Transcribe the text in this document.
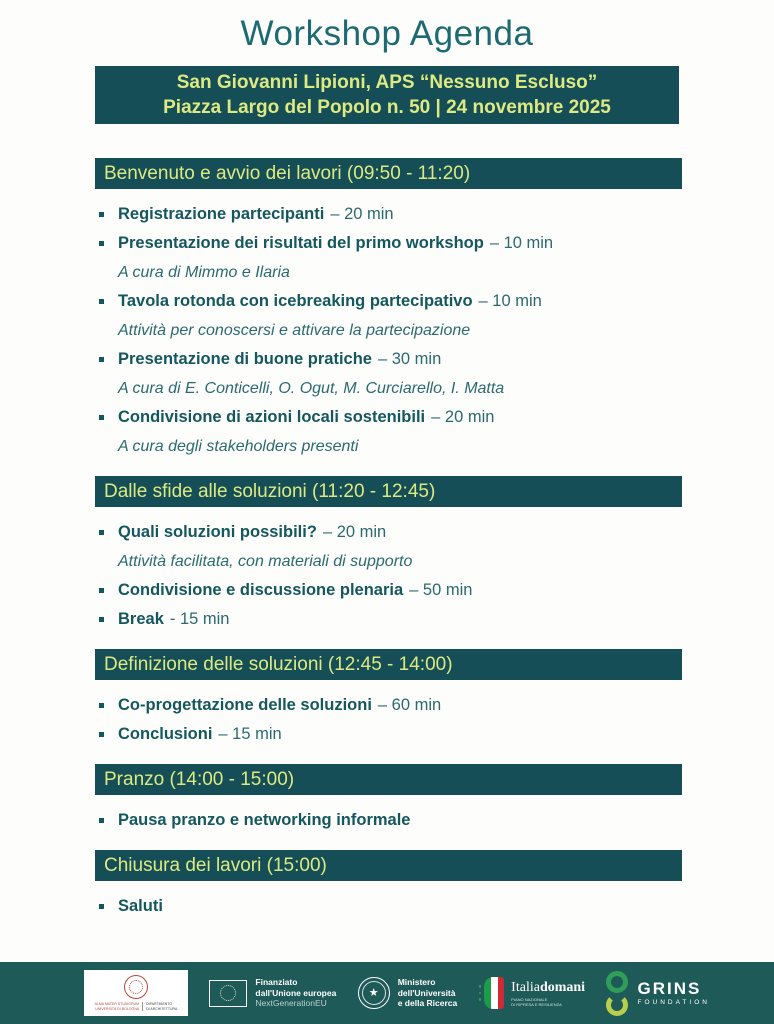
Workshop Agenda
San Giovanni Lipioni, APS “Nessuno Escluso”
Piazza Largo del Popolo n. 50 | 24 novembre 2025
Benvenuto e avvio dei lavori (09:50 - 11:20)
Registrazione partecipanti – 20 min
Presentazione dei risultati del primo workshop – 10 min
A cura di Mimmo e Ilaria
Tavola rotonda con icebreaking partecipativo – 10 min
Attività per conoscersi e attivare la partecipazione
Presentazione di buone pratiche – 30 min
A cura di E. Conticelli, O. Ogut, M. Curciarello, I. Matta
Condivisione di azioni locali sostenibili – 20 min
A cura degli stakeholders presenti
Dalle sfide alle soluzioni (11:20 - 12:45)
Quali soluzioni possibili? – 20 min
Attività facilitata, con materiali di supporto
Condivisione e discussione plenaria – 50 min
Break - 15 min
Definizione delle soluzioni (12:45 - 14:00)
Co-progettazione delle soluzioni – 60 min
Conclusioni – 15 min
Pranzo (14:00 - 15:00)
Pausa pranzo e networking informale
Chiusura dei lavori (15:00)
Saluti
ALMA MATER STUDIORUM
UNIVERSITÀ DI BOLOGNA
DIPARTIMENTO
DI ARCHITETTURA
Finanziato
dall'Unione europea
NextGenerationEU
★
Ministero
dell'Università
e della Ricerca
Italiadomani
PIANO NAZIONALE
DI RIPRESA E RESILIENZA
GRINS
FOUNDATION
